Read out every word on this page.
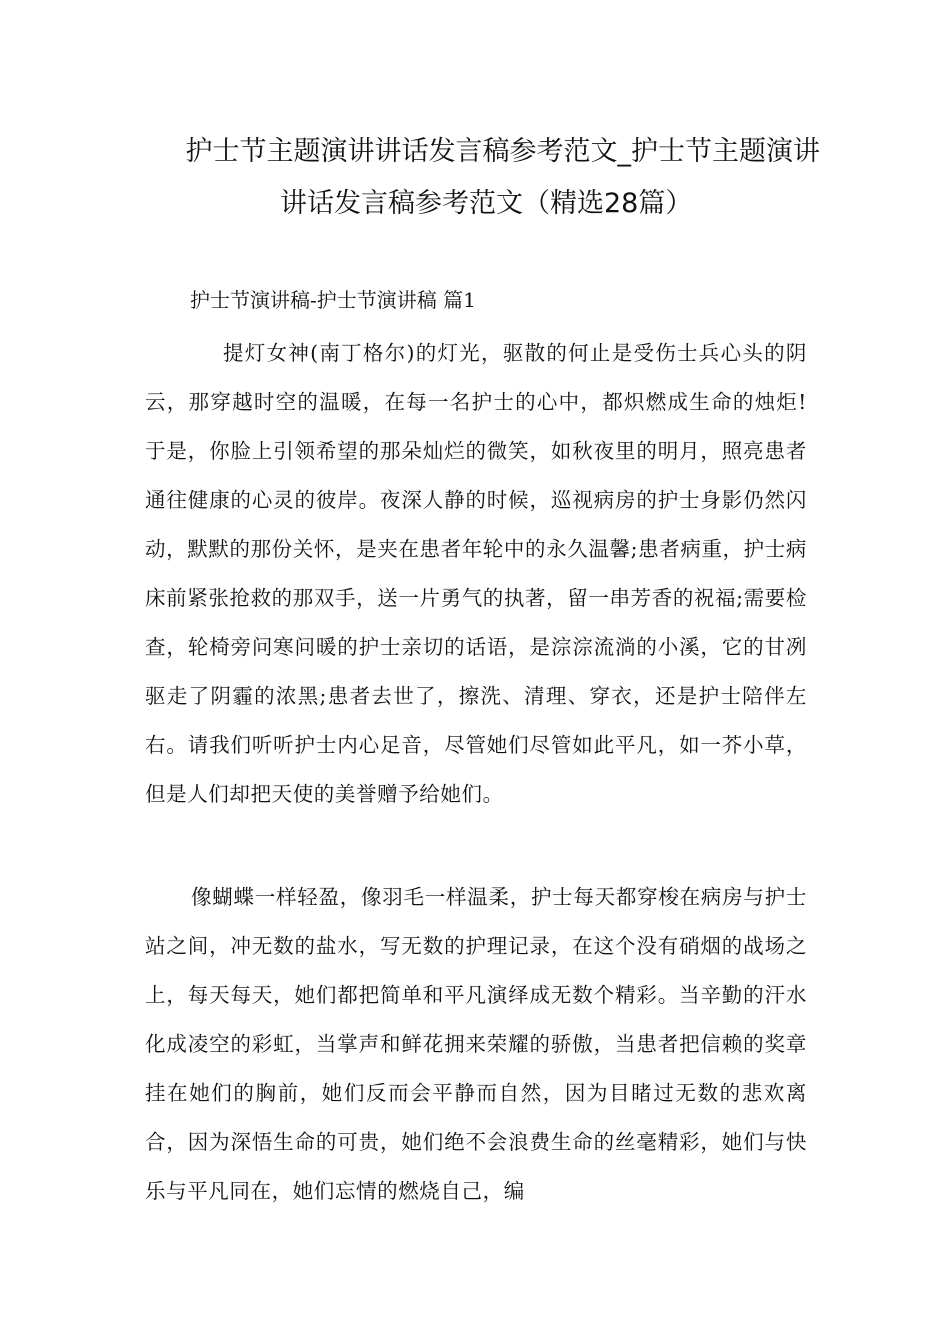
护士节主题演讲讲话发言稿参考范文_护士节主题演讲
讲话发言稿参考范文（精选28篇）

护士节演讲稿-护士节演讲稿 篇1

提灯女神(南丁格尔)的灯光，驱散的何止是受伤士兵心头的阴云，那穿越时空的温暖，在每一名护士的心中，都炽燃成生命的烛炬!于是，你脸上引领希望的那朵灿烂的微笑，如秋夜里的明月，照亮患者通往健康的心灵的彼岸。夜深人静的时候，巡视病房的护士身影仍然闪动，默默的那份关怀，是夹在患者年轮中的永久温馨;患者病重，护士病床前紧张抢救的那双手，送一片勇气的执著，留一串芳香的祝福;需要检查，轮椅旁问寒问暖的护士亲切的话语，是淙淙流淌的小溪，它的甘冽驱走了阴霾的浓黑;患者去世了，擦洗、清理、穿衣，还是护士陪伴左右。请我们听听护士内心足音，尽管她们尽管如此平凡，如一芥小草，但是人们却把天使的美誉赠予给她们。

像蝴蝶一样轻盈，像羽毛一样温柔，护士每天都穿梭在病房与护士站之间，冲无数的盐水，写无数的护理记录，在这个没有硝烟的战场之上，每天每天，她们都把简单和平凡演绎成无数个精彩。当辛勤的汗水化成凌空的彩虹，当掌声和鲜花拥来荣耀的骄傲，当患者把信赖的奖章挂在她们的胸前，她们反而会平静而自然，因为目睹过无数的悲欢离合，因为深悟生命的可贵，她们绝不会浪费生命的丝毫精彩，她们与快乐与平凡同在，她们忘情的燃烧自己，编
